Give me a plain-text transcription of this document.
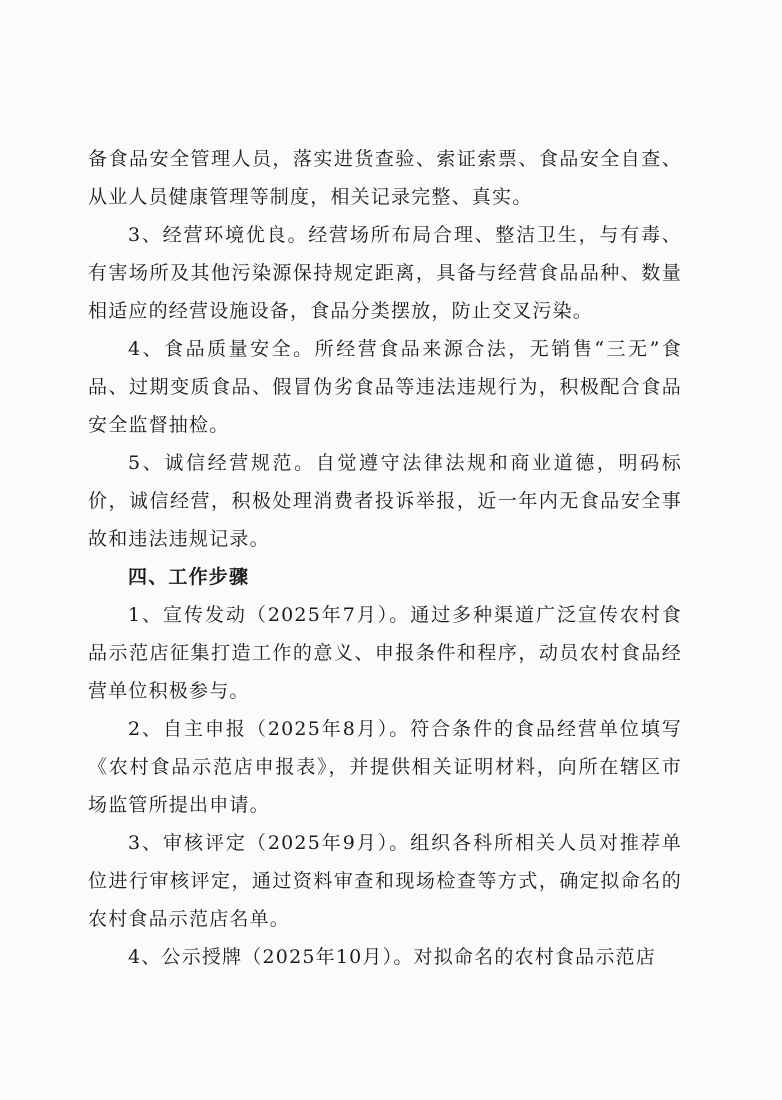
备食品安全管理人员，落实进货查验、索证索票、食品安全自查、从业人员健康管理等制度，相关记录完整、真实。

3、经营环境优良。经营场所布局合理、整洁卫生，与有毒、有害场所及其他污染源保持规定距离，具备与经营食品品种、数量相适应的经营设施设备，食品分类摆放，防止交叉污染。

4、食品质量安全。所经营食品来源合法，无销售“三无”食品、过期变质食品、假冒伪劣食品等违法违规行为，积极配合食品安全监督抽检。

5、诚信经营规范。自觉遵守法律法规和商业道德，明码标价，诚信经营，积极处理消费者投诉举报，近一年内无食品安全事故和违法违规记录。

四、工作步骤

1、宣传发动（2025年7月）。通过多种渠道广泛宣传农村食品示范店征集打造工作的意义、申报条件和程序，动员农村食品经营单位积极参与。

2、自主申报（2025年8月）。符合条件的食品经营单位填写《农村食品示范店申报表》，并提供相关证明材料，向所在辖区市场监管所提出申请。

3、审核评定（2025年9月）。组织各科所相关人员对推荐单位进行审核评定，通过资料审查和现场检查等方式，确定拟命名的农村食品示范店名单。

4、公示授牌（2025年10月）。对拟命名的农村食品示范店
